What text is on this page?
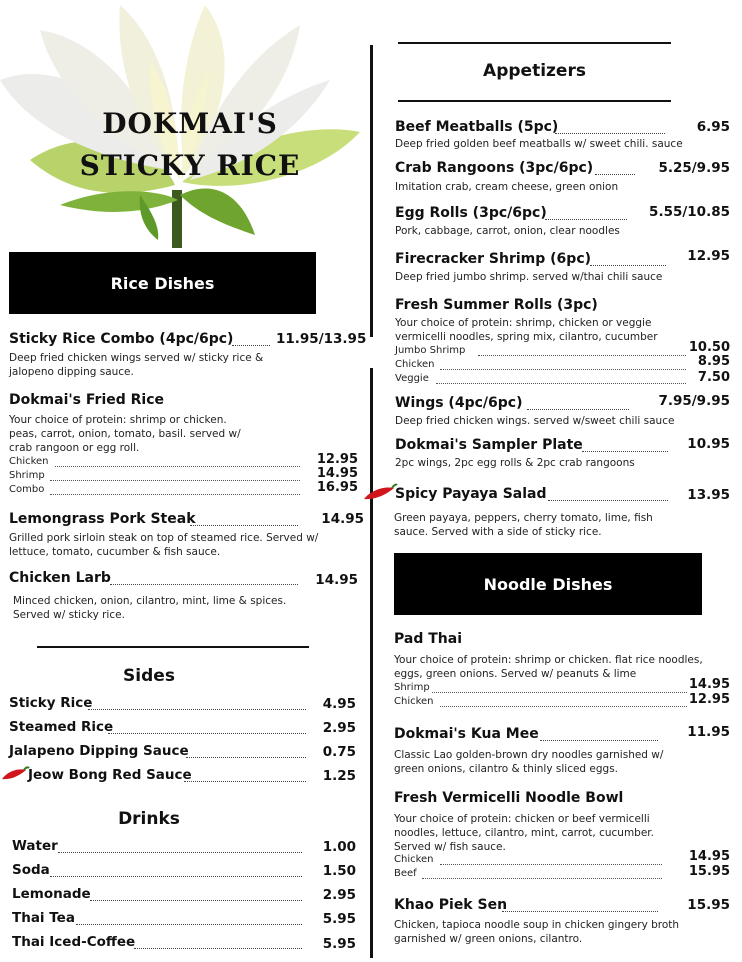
DOKMAI'S
STICKY RICE
Rice Dishes
Sticky Rice Combo (4pc/6pc)	11.95/13.95
Deep fried chicken wings served w/ sticky rice & jalopeno dipping sauce.
Dokmai's Fried Rice
Your choice of protein: shrimp or chicken. peas, carrot, onion, tomato, basil. served w/ crab rangoon or egg roll.
Chicken	12.95
Shrimp	14.95
Combo	16.95
Lemongrass Pork Steak	14.95
Grilled pork sirloin steak on top of steamed rice. Served w/ lettuce, tomato, cucumber & fish sauce.
Chicken Larb	14.95
Minced chicken, onion, cilantro, mint, lime & spices. Served w/ sticky rice.
Sides
Sticky Rice	4.95
Steamed Rice	2.95
Jalapeno Dipping Sauce	0.75
Jeow Bong Red Sauce	1.25
Drinks
Water	1.00
Soda	1.50
Lemonade	2.95
Thai Tea	5.95
Thai Iced-Coffee	5.95
Appetizers
Beef Meatballs (5pc)	6.95
Deep fried golden beef meatballs w/ sweet chili. sauce
Crab Rangoons (3pc/6pc)	5.25/9.95
Imitation crab, cream cheese, green onion
Egg Rolls (3pc/6pc)	5.55/10.85
Pork, cabbage, carrot, onion, clear noodles
Firecracker Shrimp (6pc)	12.95
Deep fried jumbo shrimp. served w/thai chili sauce
Fresh Summer Rolls (3pc)
Your choice of protein: shrimp, chicken or veggie vermicelli noodles, spring mix, cilantro, cucumber
Jumbo Shrimp	10.50
Chicken	8.95
Veggie	7.50
Wings (4pc/6pc)	7.95/9.95
Deep fried chicken wings. served w/sweet chili sauce
Dokmai's Sampler Plate	10.95
2pc wings, 2pc egg rolls & 2pc crab rangoons
Spicy Payaya Salad	13.95
Green payaya, peppers, cherry tomato, lime, fish sauce. Served with a side of sticky rice.
Noodle Dishes
Pad Thai
Your choice of protein: shrimp or chicken. flat rice noodles, eggs, green onions. Served w/ peanuts & lime
Shrimp	14.95
Chicken	12.95
Dokmai's Kua Mee	11.95
Classic Lao golden-brown dry noodles garnished w/ green onions, cilantro & thinly sliced eggs.
Fresh Vermicelli Noodle Bowl
Your choice of protein: chicken or beef vermicelli noodles, lettuce, cilantro, mint, carrot, cucumber. Served w/ fish sauce.
Chicken	14.95
Beef	15.95
Khao Piek Sen	15.95
Chicken, tapioca noodle soup in chicken gingery broth garnished w/ green onions, cilantro.
